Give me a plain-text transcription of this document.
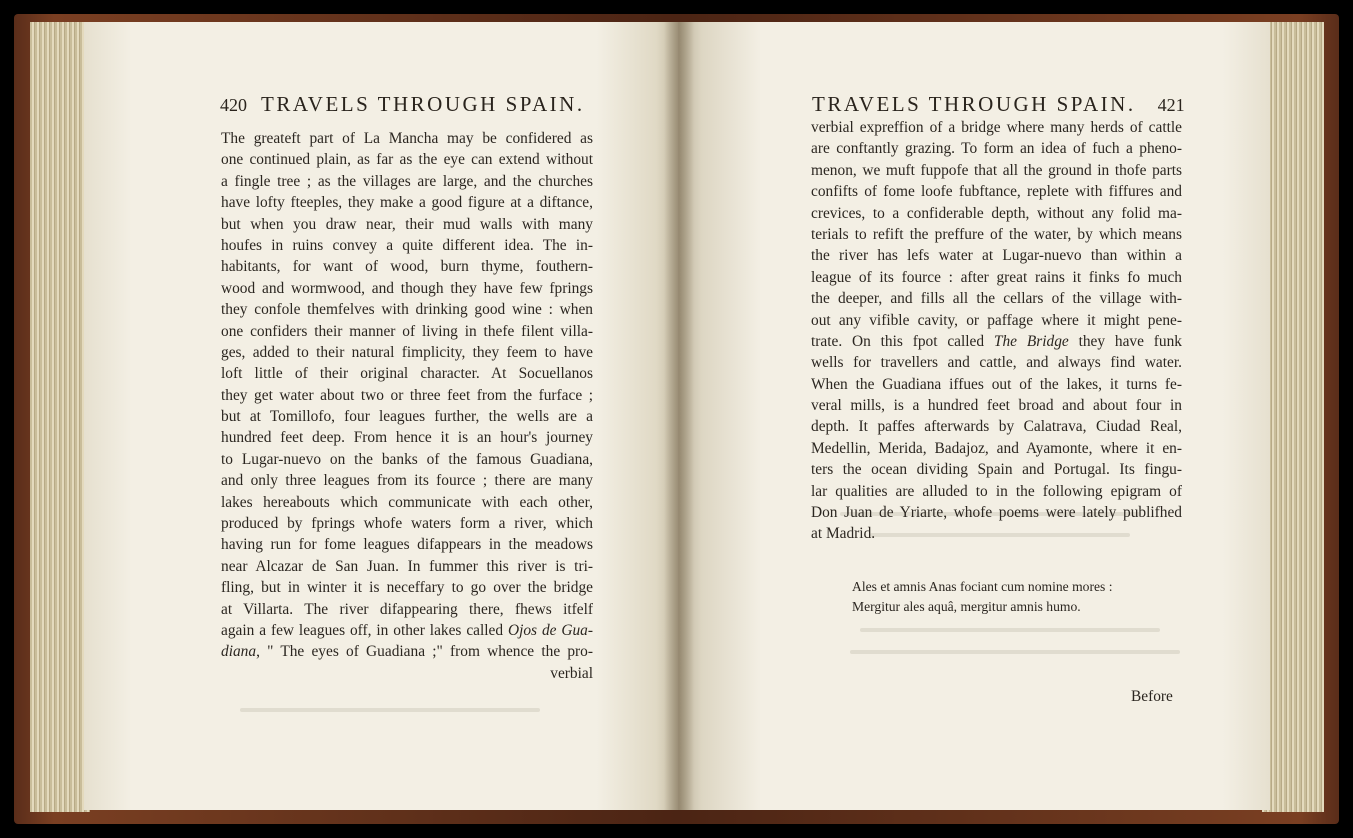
420 TRAVELS THROUGH SPAIN.	TRAVELS THROUGH SPAIN. 421
The greateft part of La Mancha may be confidered as
one continued plain, as far as the eye can extend without
a fingle tree ; as the villages are large, and the churches
have lofty fteeples, they make a good figure at a diftance,
but when you draw near, their mud walls with many
houfes in ruins convey a quite different idea. The in-
habitants, for want of wood, burn thyme, fouthern-
wood and wormwood, and though they have few fprings
they confole themfelves with drinking good wine : when
one confiders their manner of living in thefe filent villa-
ges, added to their natural fimplicity, they feem to have
loft little of their original character. At Socuellanos
they get water about two or three feet from the furface ;
but at Tomillofo, four leagues further, the wells are a
hundred feet deep. From hence it is an hour's journey
to Lugar-nuevo on the banks of the famous Guadiana,
and only three leagues from its fource ; there are many
lakes hereabouts which communicate with each other,
produced by fprings whofe waters form a river, which
having run for fome leagues difappears in the meadows
near Alcazar de San Juan. In fummer this river is tri-
fling, but in winter it is neceffary to go over the bridge
at Villarta. The river difappearing there, fhews itfelf
again a few leagues off, in other lakes called Ojos de Gua-
diana, " The eyes of Guadiana ;" from whence the pro-
verbial
verbial expreffion of a bridge where many herds of cattle
are conftantly grazing. To form an idea of fuch a pheno-
menon, we muft fuppofe that all the ground in thofe parts
confifts of fome loofe fubftance, replete with fiffures and
crevices, to a confiderable depth, without any folid ma-
terials to refift the preffure of the water, by which means
the river has lefs water at Lugar-nuevo than within a
league of its fource : after great rains it finks fo much
the deeper, and fills all the cellars of the village with-
out any vifible cavity, or paffage where it might pene-
trate. On this fpot called The Bridge they have funk
wells for travellers and cattle, and always find water.
When the Guadiana iffues out of the lakes, it turns fe-
veral mills, is a hundred feet broad and about four in
depth. It paffes afterwards by Calatrava, Ciudad Real,
Medellin, Merida, Badajoz, and Ayamonte, where it en-
ters the ocean dividing Spain and Portugal. Its fingu-
lar qualities are alluded to in the following epigram of
Don Juan de Yriarte, whofe poems were lately publifhed
at Madrid.
Ales et amnis Anas fociant cum nomine mores :
Mergitur ales aquâ, mergitur amnis humo.
Before
